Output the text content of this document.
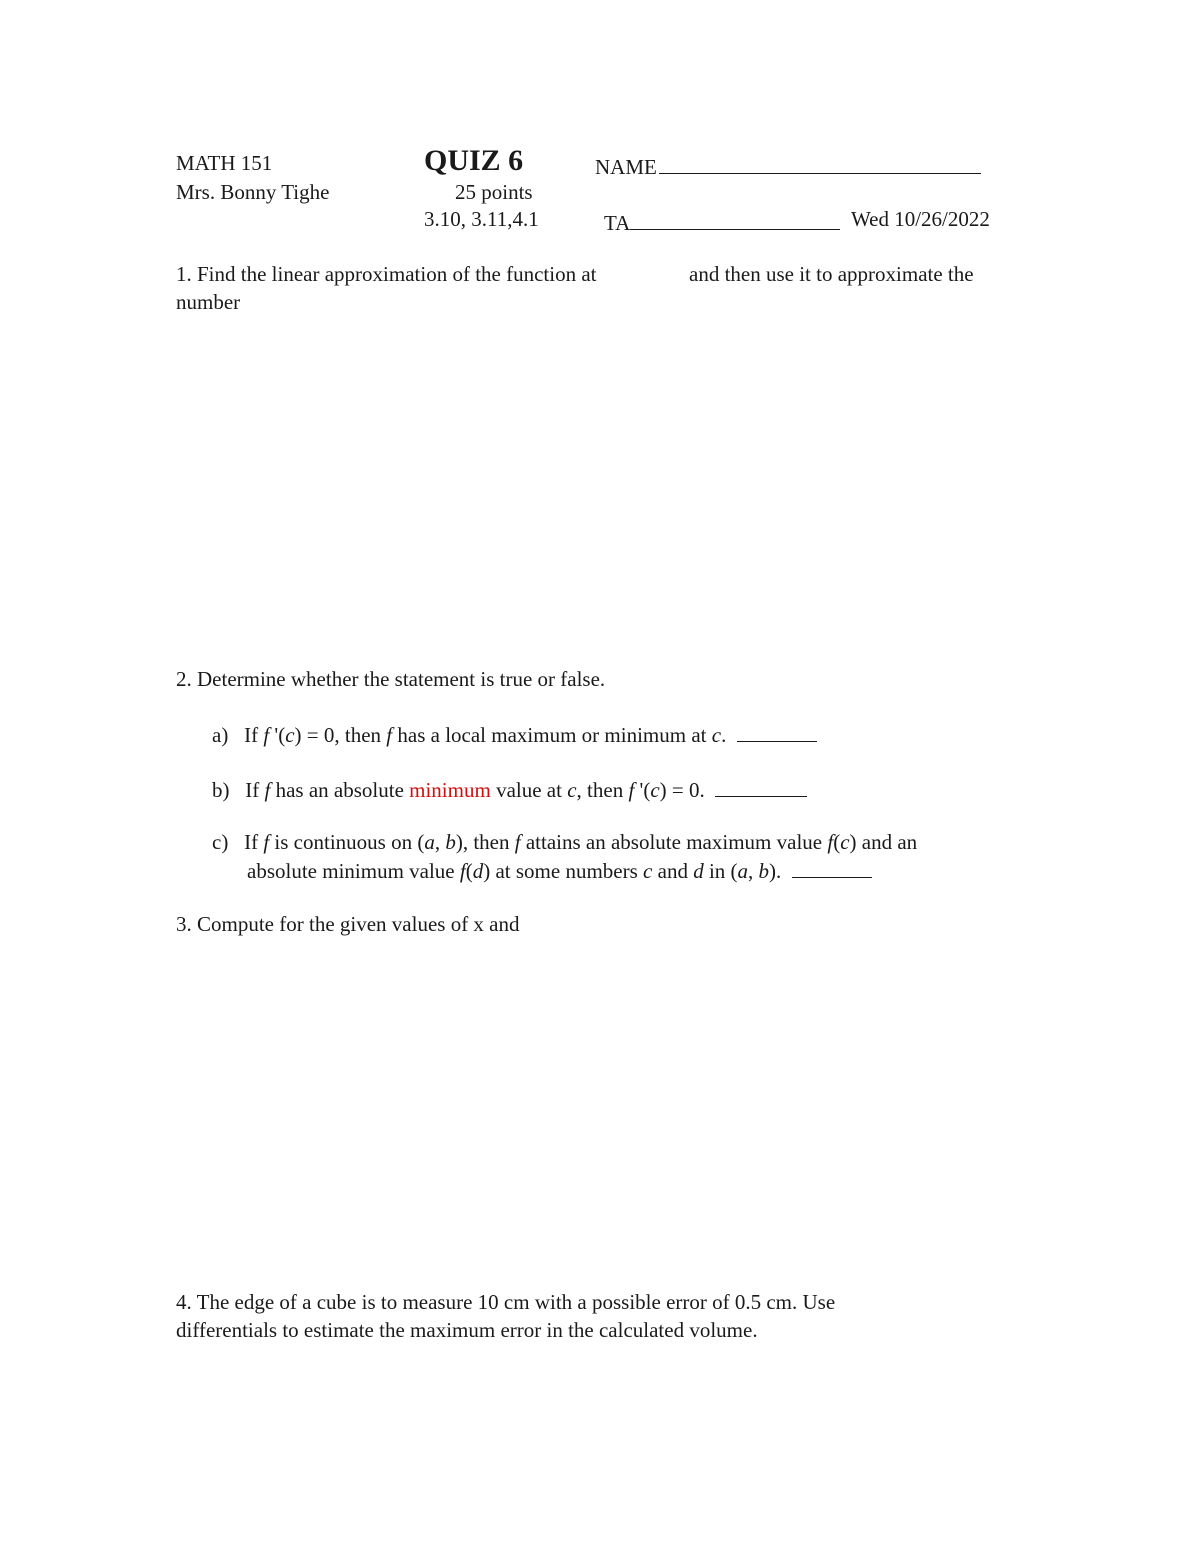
MATH 151
Mrs. Bonny Tighe
QUIZ 6
25 points
3.10, 3.11,4.1
NAME
TA	Wed 10/26/2022
1. Find the linear approximation of the function at	and then use it to approximate the
number
2. Determine whether the statement is true or false.
a) If f '(c) = 0, then f has a local maximum or minimum at c.
b) If f has an absolute minimum value at c, then f '(c) = 0.
c) If f is continuous on (a, b), then f attains an absolute maximum value f(c) and an
absolute minimum value f(d) at some numbers c and d in (a, b).
3. Compute for the given values of x and
4. The edge of a cube is to measure 10 cm with a possible error of 0.5 cm. Use
differentials to estimate the maximum error in the calculated volume.
